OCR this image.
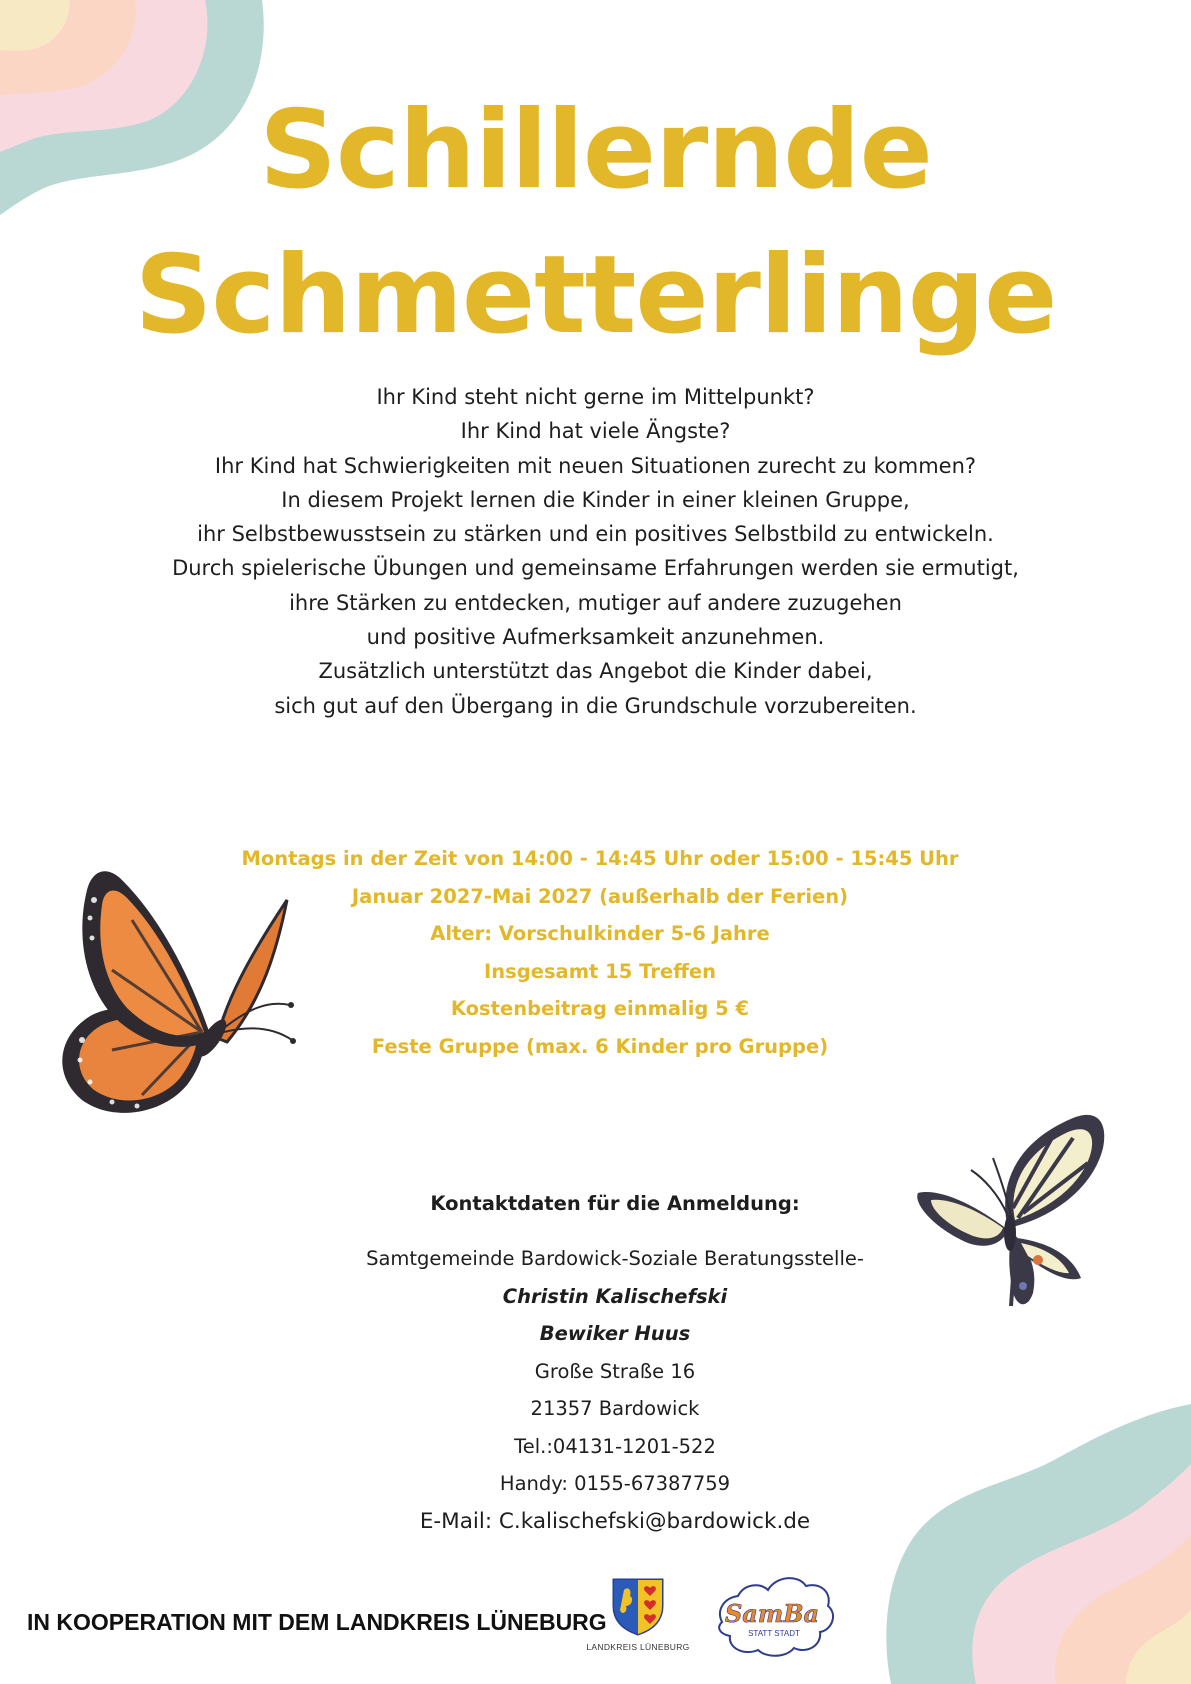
Schillernde
Schmetterlinge
Ihr Kind steht nicht gerne im Mittelpunkt?
Ihr Kind hat viele Ängste?
Ihr Kind hat Schwierigkeiten mit neuen Situationen zurecht zu kommen?
In diesem Projekt lernen die Kinder in einer kleinen Gruppe,
ihr Selbstbewusstsein zu stärken und ein positives Selbstbild zu entwickeln.
Durch spielerische Übungen und gemeinsame Erfahrungen werden sie ermutigt,
ihre Stärken zu entdecken, mutiger auf andere zuzugehen
und positive Aufmerksamkeit anzunehmen.
Zusätzlich unterstützt das Angebot die Kinder dabei,
sich gut auf den Übergang in die Grundschule vorzubereiten.
Montags in der Zeit von 14:00 - 14:45 Uhr oder 15:00 - 15:45 Uhr
Januar 2027-Mai 2027 (außerhalb der Ferien)
Alter: Vorschulkinder 5-6 Jahre
Insgesamt 15 Treffen
Kostenbeitrag einmalig 5 €
Feste Gruppe (max. 6 Kinder pro Gruppe)
Kontaktdaten für die Anmeldung:
Samtgemeinde Bardowick-Soziale Beratungsstelle-
Christin Kalischefski
Bewiker Huus
Große Straße 16
21357 Bardowick
Tel.:04131-1201-522
Handy: 0155-67387759
E-Mail: C.kalischefski@bardowick.de
IN KOOPERATION MIT DEM LANDKREIS LÜNEBURG
LANDKREIS LÜNEBURG
SamBa
STATT STADT
